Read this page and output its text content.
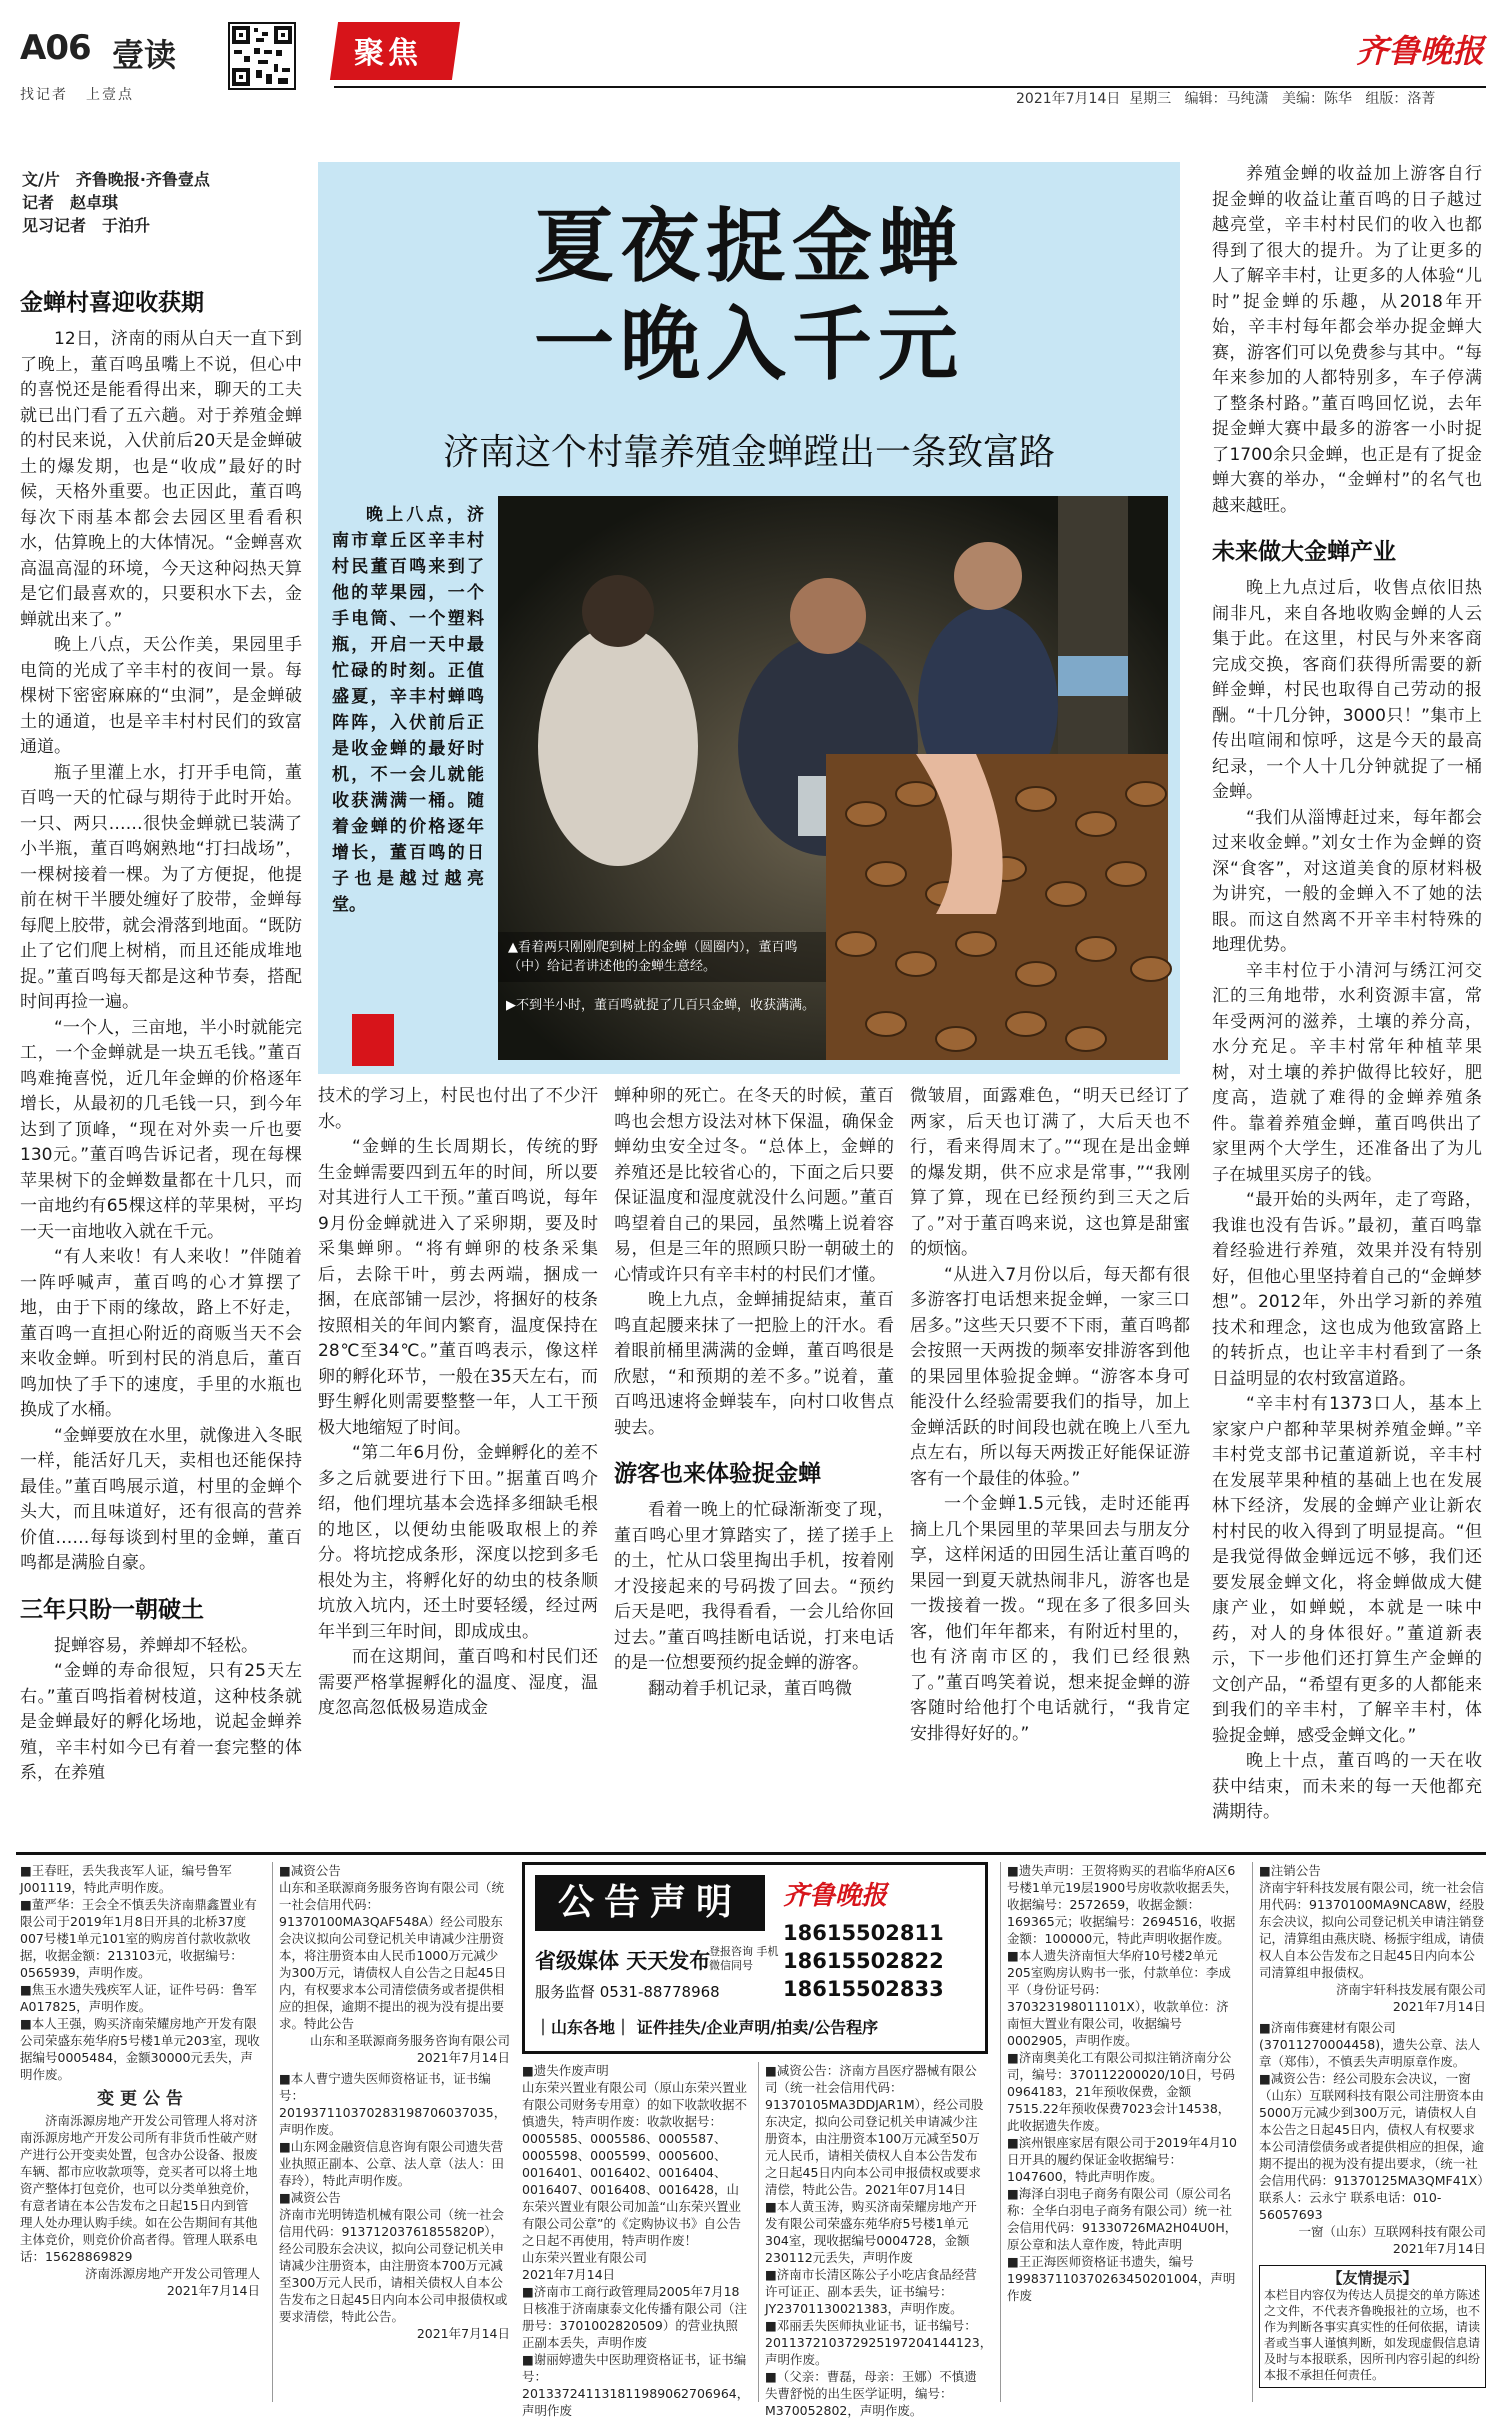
A06 壹读
找记者 上壹点
聚焦
2021年7月14日 星期三 编辑：马纯潇 美编：陈华 组版：洛菁
齐鲁晚报
文/片　齐鲁晚报·齐鲁壹点
记者　赵卓琪
见习记者　于泊升	夏夜捉金蝉
一晚入千元
济南这个村靠养殖金蝉蹚出一条致富路
晚上八点，济南市章丘区辛丰村村民董百鸣来到了他的苹果园，一个手电筒、一个塑料瓶，开启一天中最忙碌的时刻。正值盛夏，辛丰村蝉鸣阵阵，入伏前后正是收金蝉的最好时机，不一会儿就能收获满满一桶。随着金蝉的价格逐年增长，董百鸣的日子也是越过越亮堂。
▲看着两只刚刚爬到树上的金蝉（圆圈内），董百鸣（中）给记者讲述他的金蝉生意经。
▶不到半小时，董百鸣就捉了几百只金蝉，收获满满。
金蝉村喜迎收获期

12日，济南的雨从白天一直下到了晚上，董百鸣虽嘴上不说，但心中的喜悦还是能看得出来，聊天的工夫就已出门看了五六趟。对于养殖金蝉的村民来说，入伏前后20天是金蝉破土的爆发期，也是“收成”最好的时候，天格外重要。也正因此，董百鸣每次下雨基本都会去园区里看看积水，估算晚上的大体情况。“金蝉喜欢高温高湿的环境，今天这种闷热天算是它们最喜欢的，只要积水下去，金蝉就出来了。”

晚上八点，天公作美，果园里手电筒的光成了辛丰村的夜间一景。每棵树下密密麻麻的“虫洞”，是金蝉破土的通道，也是辛丰村村民们的致富通道。

瓶子里灌上水，打开手电筒，董百鸣一天的忙碌与期待于此时开始。一只、两只……很快金蝉就已装满了小半瓶，董百鸣娴熟地“打扫战场”，一棵树接着一棵。为了方便捉，他提前在树干半腰处缠好了胶带，金蝉每每爬上胶带，就会滑落到地面。“既防止了它们爬上树梢，而且还能成堆地捉。”董百鸣每天都是这种节奏，搭配时间再捡一遍。

“一个人，三亩地，半小时就能完工，一个金蝉就是一块五毛钱。”董百鸣难掩喜悦，近几年金蝉的价格逐年增长，从最初的几毛钱一只，到今年达到了顶峰，“现在对外卖一斤也要130元。”董百鸣告诉记者，现在每棵苹果树下的金蝉数量都在十几只，而一亩地约有65棵这样的苹果树，平均一天一亩地收入就在千元。

“有人来收！有人来收！”伴随着一阵呼喊声，董百鸣的心才算摆了地，由于下雨的缘故，路上不好走，董百鸣一直担心附近的商贩当天不会来收金蝉。听到村民的消息后，董百鸣加快了手下的速度，手里的水瓶也换成了水桶。

“金蝉要放在水里，就像进入冬眠一样，能活好几天，卖相也还能保持最佳。”董百鸣展示道，村里的金蝉个头大，而且味道好，还有很高的营养价值……每每谈到村里的金蝉，董百鸣都是满脸自豪。

三年只盼一朝破土

捉蝉容易，养蝉却不轻松。

“金蝉的寿命很短，只有25天左右。”董百鸣指着树枝道，这种枝条就是金蝉最好的孵化场地，说起金蝉养殖，辛丰村如今已有着一套完整的体系，在养殖

技术的学习上，村民也付出了不少汗水。

“金蝉的生长周期长，传统的野生金蝉需要四到五年的时间，所以要对其进行人工干预。”董百鸣说，每年9月份金蝉就进入了采卵期，要及时采集蝉卵。“将有蝉卵的枝条采集后，去除干叶，剪去两端，捆成一捆，在底部铺一层沙，将捆好的枝条按照相关的年间内繁育，温度保持在28℃至34℃。”董百鸣表示，像这样卵的孵化环节，一般在35天左右，而野生孵化则需要整整一年，人工干预极大地缩短了时间。

“第二年6月份，金蝉孵化的差不多之后就要进行下田。”据董百鸣介绍，他们埋坑基本会选择多细缺毛根的地区，以便幼虫能吸取根上的养分。将坑挖成条形，深度以挖到多毛根处为主，将孵化好的幼虫的枝条顺坑放入坑内，还土时要轻缓，经过两年半到三年时间，即成成虫。

而在这期间，董百鸣和村民们还需要严格掌握孵化的温度、湿度，温度忽高忽低极易造成金

蝉种卵的死亡。在冬天的时候，董百鸣也会想方设法对林下保温，确保金蝉幼虫安全过冬。“总体上，金蝉的养殖还是比较省心的，下面之后只要保证温度和湿度就没什么问题。”董百鸣望着自己的果园，虽然嘴上说着容易，但是三年的照顾只盼一朝破土的心情或许只有辛丰村的村民们才懂。

晚上九点，金蝉捕捉結束，董百鸣直起腰来抹了一把脸上的汗水。看着眼前桶里满满的金蝉，董百鸣很是欣慰，“和预期的差不多。”说着，董百鸣迅速将金蝉装车，向村口收售点驶去。

游客也来体验捉金蝉

看着一晚上的忙碌渐渐变了现，董百鸣心里才算踏实了，搓了搓手上的土，忙从口袋里掏出手机，按着刚才没接起来的号码拨了回去。“预约后天是吧，我得看看，一会儿给你回过去。”董百鸣挂断电话说，打来电话的是一位想要预约捉金蝉的游客。

翻动着手机记录，董百鸣微

微皱眉，面露难色，“明天已经订了两家，后天也订满了，大后天也不行，看来得周末了。”“现在是出金蝉的爆发期，供不应求是常事，”“我刚算了算，现在已经预约到三天之后了。”对于董百鸣来说，这也算是甜蜜的烦恼。

“从进入7月份以后，每天都有很多游客打电话想来捉金蝉，一家三口居多。”这些天只要不下雨，董百鸣都会按照一天两拨的频率安排游客到他的果园里体验捉金蝉。“游客本身可能没什么经验需要我们的指导，加上金蝉活跃的时间段也就在晚上八至九点左右，所以每天两拨正好能保证游客有一个最佳的体验。”

一个金蝉1.5元钱，走时还能再摘上几个果园里的苹果回去与朋友分享，这样闲适的田园生活让董百鸣的果园一到夏天就热闹非凡，游客也是一拨接着一拨。“现在多了很多回头客，他们年年都来，有附近村里的，也有济南市区的，我们已经很熟了。”董百鸣笑着说，想来捉金蝉的游客随时给他打个电话就行，“我肯定安排得好好的。”

养殖金蝉的收益加上游客自行捉金蝉的收益让董百鸣的日子越过越亮堂，辛丰村村民们的收入也都得到了很大的提升。为了让更多的人了解辛丰村，让更多的人体验“儿时”捉金蝉的乐趣，从2018年开始，辛丰村每年都会举办捉金蝉大赛，游客们可以免费参与其中。“每年来参加的人都特别多，车子停满了整条村路。”董百鸣回忆说，去年捉金蝉大赛中最多的游客一小时捉了1700余只金蝉，也正是有了捉金蝉大赛的举办，“金蝉村”的名气也越来越旺。

未来做大金蝉产业

晚上九点过后，收售点依旧热闹非凡，来自各地收购金蝉的人云集于此。在这里，村民与外来客商完成交换，客商们获得所需要的新鲜金蝉，村民也取得自己劳动的报酬。“十几分钟，3000只！”集市上传出喧闹和惊呼，这是今天的最高纪录，一个人十几分钟就捉了一桶金蝉。

“我们从淄博赶过来，每年都会过来收金蝉。”刘女士作为金蝉的资深“食客”，对这道美食的原材料极为讲究，一般的金蝉入不了她的法眼。而这自然离不开辛丰村特殊的地理优势。

辛丰村位于小清河与绣江河交汇的三角地带，水利资源丰富，常年受两河的滋养，土壤的养分高，水分充足。辛丰村常年种植苹果树，对土壤的养护做得比较好，肥度高，造就了难得的金蝉养殖条件。靠着养殖金蝉，董百鸣供出了家里两个大学生，还准备出了为儿子在城里买房子的钱。

“最开始的头两年，走了弯路，我谁也没有告诉。”最初，董百鸣靠着经验进行养殖，效果并没有特别好，但他心里坚持着自己的“金蝉梦想”。2012年，外出学习新的养殖技术和理念，这也成为他致富路上的转折点，也让辛丰村看到了一条日益明显的农村致富道路。

“辛丰村有1373口人，基本上家家户户都种苹果树养殖金蝉。”辛丰村党支部书记董道新说，辛丰村在发展苹果种植的基础上也在发展林下经济，发展的金蝉产业让新农村村民的收入得到了明显提高。“但是我觉得做金蝉远远不够，我们还要发展金蝉文化，将金蝉做成大健康产业，如蝉蜕，本就是一味中药，对人的身体很好。”董道新表示，下一步他们还打算生产金蝉的文创产品，“希望有更多的人都能来到我们的辛丰村，了解辛丰村，体验捉金蝉，感受金蝉文化。”

晚上十点，董百鸣的一天在收获中结束，而未来的每一天他都充满期待。

■王春旺，丢失我丧军人证，编号鲁军J001119，特此声明作废。
■董严华：王会全不慎丢失济南鼎鑫置业有限公司于2019年1月8日开具的北桥37度007号楼1单元101室的购房首付款收款收据，收据金额：213103元，收据编号：0565939，声明作废。
■焦玉水遗失残疾军人证，证件号码：鲁军A017825，声明作废。
■本人王强，购买济南荣耀房地产开发有限公司荣盛东苑华府5号楼1单元203室，现收据编号0005484，金额30000元丢失，声明作废。
变 更 公 告
济南泺源房地产开发公司管理人将对济南泺源房地产开发公司所有非货币性破产财产进行公开变卖处置，包含办公设备、报废车辆、都市应收款项等，竞买者可以将土地资产整体打包竞价，也可以分类单独竞价，有意者请在本公告发布之日起15日内到管理人处办理认购手续。如在公告期间有其他主体竞价，则竞价价高者得。管理人联系电话：15628869829
济南泺源房地产开发公司管理人
2021年7月14日
■减资公告
山东和圣联源商务服务咨询有限公司（统一社会信用代码：91370100MA3QAF548A）经公司股东会决议拟向公司登记机关申请减少注册资本，将注册资本由人民币1000万元减少为300万元，请债权人自公告之日起45日内，有权要求本公司清偿债务或者提供相应的担保，逾期不提出的视为没有提出要求。特此公告
山东和圣联源商务服务咨询有限公司
2021年7月14日
■本人曹宁遗失医师资格证书，证书编号：201937110370283198706037035，声明作废。
■山东网金融资信息咨询有限公司遗失营业执照正副本、公章、法人章（法人：田春玲），特此声明作废。
■减资公告
济南市光明铸造机械有限公司（统一社会信用代码：91371203761855820P），经公司股东会决议，拟向公司登记机关申请减少注册资本，由注册资本700万元减至300万元人民币，请相关债权人自本公告发布之日起45日内向本公司申报债权或要求清偿，特此公告。
2021年7月14日
公告声明	齐鲁晚报
省级媒体 天天发布
登报咨询 手机微信同号
18615502811
18615502822
18615502833
服务监督 0531-88778968
｜山东各地｜ 证件挂失/企业声明/拍卖/公告程序
■遗失作废声明
山东荣兴置业有限公司（原山东荣兴置业有限公司财务专用章）的如下收款收据不慎遗失，特声明作废：收款收据号：0005585、0005586、0005587、0005598、0005599、0005600、0016401、0016402、0016404、0016407、0016408、0016428，山东荣兴置业有限公司加盖“山东荣兴置业有限公司公章”的《定购协议书》自公告之日起不再使用，特声明作废！
山东荣兴置业有限公司
2021年7月14日
■济南市工商行政管理局2005年7月18日核准于济南康泰文化传播有限公司（注册号：3701002820509）的营业执照正副本丢失，声明作废
■谢丽婷遗失中医助理资格证书，证书编号：201337241131811989062706964，声明作废
■减资公告：济南方昌医疗器械有限公司（统一社会信用代码：91370105MA3DDJAR1M），经公司股东决定，拟向公司登记机关申请减少注册资本，由注册资本100万元减至50万元人民币，请相关债权人自本公告发布之日起45日内向本公司申报债权或要求清偿，特此公告。2021年07月14日
■本人黄玉涛，购买济南荣耀房地产开发有限公司荣盛东苑华府5号楼1单元304室，现收据编号0004728，金额230112元丢失，声明作废
■济南市长清区陈公子小吃店食品经营许可证正、副本丢失，证书编号：JY23701130021383，声明作废。
■邓丽丢失医师执业证书，证书编号：201137210372925197204144123，声明作废。
■（父亲：曹磊，母亲：王娜）不慎遗失曹舒悦的出生医学证明，编号：M370052802，声明作废。
■遗失声明：王贺将购买的君临华府A区6号楼1单元19层1900号房收款收据丢失，收据编号：2572659，收据金额：169365元；收据编号：2694516，收据金额：100000元，特此声明收据作废。
■本人遗失济南恒大华府10号楼2单元205室购房认购书一张，付款单位：李成平（身份证号码：370323198011101X），收款单位：济南恒大置业有限公司，收据编号0002905，声明作废。
■济南奥美化工有限公司拟注销济南分公司，编号：370112200020/10日，号码0964183，21年预收保费，金额7515.22年预收保费7023会计14538，此收据遗失作废。
■滨州银座家居有限公司于2019年4月10日开具的履约保证金收据编号：1047600，特此声明作废。
■海泽白羽电子商务有限公司（原公司名称：全华白羽电子商务有限公司）统一社会信用代码：91330726MA2H04U0H，原公章和法人章作废，特此声明
■王正海医师资格证书遗失，编号199837110370263450201004，声明作废
■注销公告
济南宇轩科技发展有限公司，统一社会信用代码：91370100MA9NCA8W，经股东会决议，拟向公司登记机关申请注销登记，清算组由燕庆晓、杨振宇组成，请债权人自本公告发布之日起45日内向本公司清算组申报债权。
济南宇轩科技发展有限公司
2021年7月14日
■济南伟赛建材有限公司(37011270004458)，遗失公章、法人章（郑伟），不慎丢失声明原章作废。
■减资公告：经公司股东会决议，一窗（山东）互联网科技有限公司注册资本由5000万元减少到300万元，请债权人自本公告之日起45日内，债权人有权要求本公司清偿债务或者提供相应的担保，逾期不提出的视为没有提出要求，（统一社会信用代码：91370125MA3QMF41X）联系人：云永宁 联系电话：010-56057693
一窗（山东）互联网科技有限公司
2021年7月14日
【友情提示】
本栏目内容仅为传达人员提交的单方陈述之文件，不代表齐鲁晚报社的立场，也不作为判断各事实真实性的任何依据，请读者或当事人谨慎判断，如发现虚假信息请及时与本报联系，因所刊内容引起的纠纷本报不承担任何责任。
